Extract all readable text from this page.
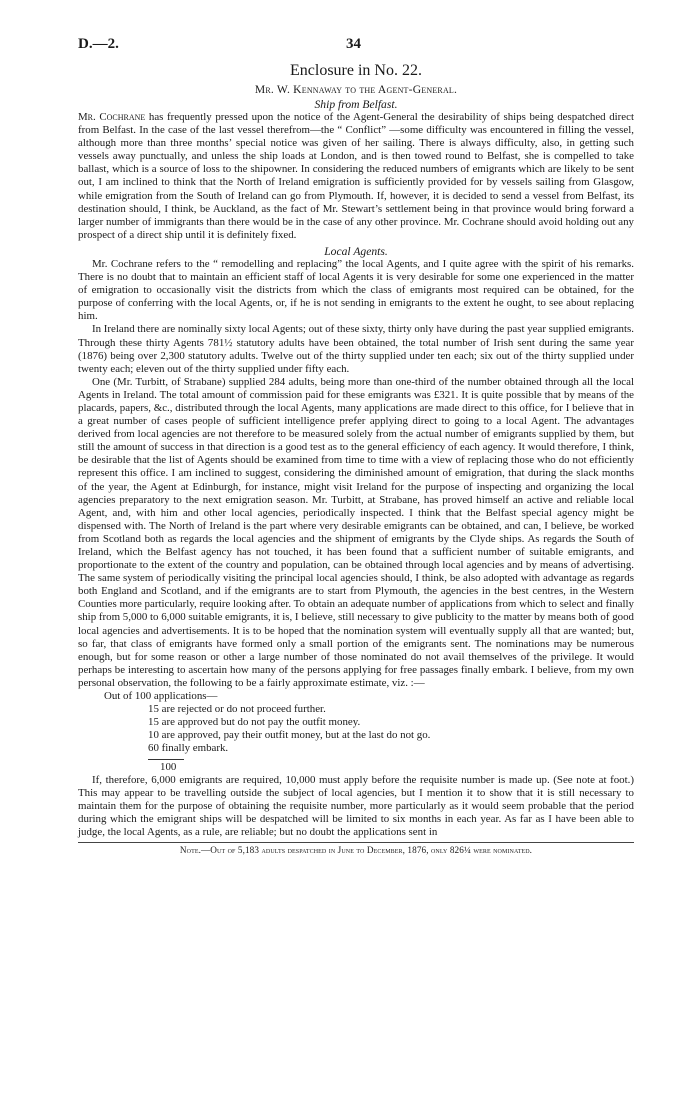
D.—2.	34
Enclosure in No. 22.
Mr. W. Kennaway to the Agent-General.
Ship from Belfast.

Mr. Cochrane has frequently pressed upon the notice of the Agent-General the desirability of ships being despatched direct from Belfast. In the case of the last vessel therefrom—the “ Conflict” —some difficulty was encountered in filling the vessel, although more than three months’ special notice was given of her sailing. There is always difficulty, also, in getting such vessels away punctually, and unless the ship loads at London, and is then towed round to Belfast, she is compelled to take ballast, which is a source of loss to the shipowner. In considering the reduced numbers of emigrants which are likely to be sent out, I am inclined to think that the North of Ireland emigration is sufficiently provided for by vessels sailing from Glasgow, while emigration from the South of Ireland can go from Plymouth. If, however, it is decided to send a vessel from Belfast, its destination should, I think, be Auckland, as the fact of Mr. Stewart’s settlement being in that province would bring forward a larger number of immigrants than there would be in the case of any other province. Mr. Cochrane should avoid holding out any prospect of a direct ship until it is definitely fixed.

Local Agents.

Mr. Cochrane refers to the “ remodelling and replacing” the local Agents, and I quite agree with the spirit of his remarks. There is no doubt that to maintain an efficient staff of local Agents it is very desirable for some one experienced in the matter of emigration to occasionally visit the districts from which the class of emigrants most required can be obtained, for the purpose of conferring with the local Agents, or, if he is not sending in emigrants to the extent he ought, to see about replacing him.

In Ireland there are nominally sixty local Agents; out of these sixty, thirty only have during the past year supplied emigrants. Through these thirty Agents 781½ statutory adults have been obtained, the total number of Irish sent during the same year (1876) being over 2,300 statutory adults. Twelve out of the thirty supplied under ten each; six out of the thirty supplied under twenty each; eleven out of the thirty supplied under fifty each.

One (Mr. Turbitt, of Strabane) supplied 284 adults, being more than one-third of the number obtained through all the local Agents in Ireland. The total amount of commission paid for these emigrants was £321. It is quite possible that by means of the placards, papers, &c., distributed through the local Agents, many applications are made direct to this office, for I believe that in a great number of cases people of sufficient intelligence prefer applying direct to going to a local Agent. The advantages derived from local agencies are not therefore to be measured solely from the actual number of emigrants supplied by them, but still the amount of success in that direction is a good test as to the general efficiency of each agency. It would therefore, I think, be desirable that the list of Agents should be examined from time to time with a view of replacing those who do not efficiently represent this office. I am inclined to suggest, considering the diminished amount of emigration, that during the slack months of the year, the Agent at Edinburgh, for instance, might visit Ireland for the purpose of inspecting and organizing the local agencies preparatory to the next emigration season. Mr. Turbitt, at Strabane, has proved himself an active and reliable local Agent, and, with him and other local agencies, periodically inspected. I think that the Belfast special agency might be dispensed with. The North of Ireland is the part where very desirable emigrants can be obtained, and can, I believe, be worked from Scotland both as regards the local agencies and the shipment of emigrants by the Clyde ships. As regards the South of Ireland, which the Belfast agency has not touched, it has been found that a sufficient number of suitable emigrants, and proportionate to the extent of the country and population, can be obtained through local agencies and by means of advertising. The same system of periodically visiting the principal local agencies should, I think, be also adopted with advantage as regards both England and Scotland, and if the emigrants are to start from Plymouth, the agencies in the best centres, in the Western Counties more particularly, require looking after. To obtain an adequate number of applications from which to select and finally ship from 5,000 to 6,000 suitable emigrants, it is, I believe, still necessary to give publicity to the matter by means both of good local agencies and advertisements. It is to be hoped that the nomination system will eventually supply all that are wanted; but, so far, that class of emigrants have formed only a small portion of the emigrants sent. The nominations may be numerous enough, but for some reason or other a large number of those nominated do not avail themselves of the privilege. It would perhaps be interesting to ascertain how many of the persons applying for free passages finally embark. I believe, from my own personal observation, the following to be a fairly approximate estimate, viz. :—

Out of 100 applications—
15 are rejected or do not proceed further.
15 are approved but do not pay the outfit money.
10 are approved, pay their outfit money, but at the last do not go.
60 finally embark.
100

If, therefore, 6,000 emigrants are required, 10,000 must apply before the requisite number is made up. (See note at foot.) This may appear to be travelling outside the subject of local agencies, but I mention it to show that it is still necessary to maintain them for the purpose of obtaining the requisite number, more particularly as it would seem probable that the period during which the emigrant ships will be despatched will be limited to six months in each year. As far as I have been able to judge, the local Agents, as a rule, are reliable; but no doubt the applications sent in

Note.—Out of 5,183 adults despatched in June to December, 1876, only 826¼ were nominated.
